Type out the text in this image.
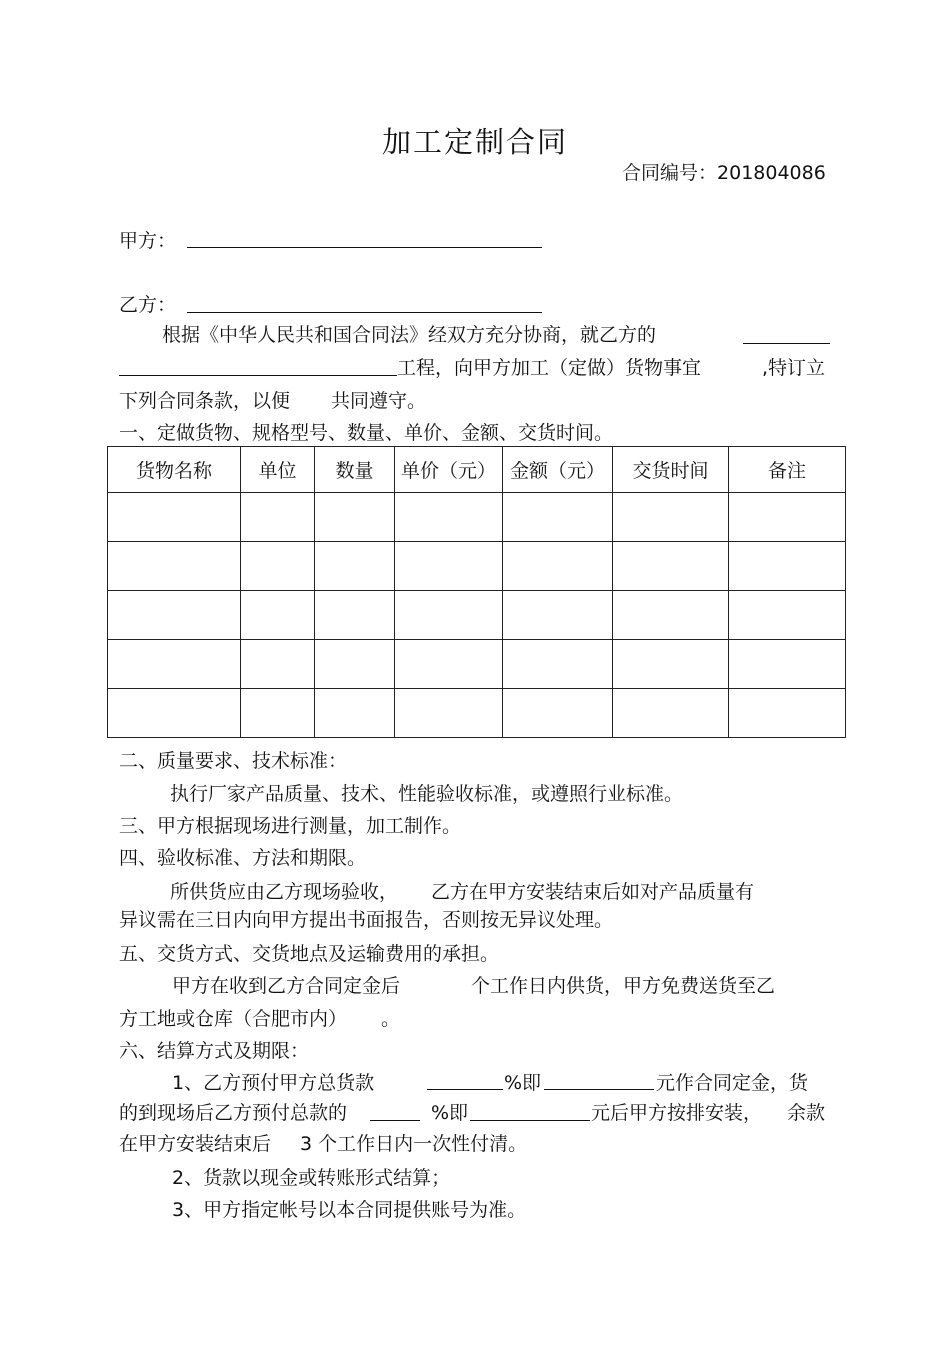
加工定制合同
合同编号：201804086
甲方：
乙方：
根据《中华人民共和国合同法》经双方充分协商，就乙方的
工程，向甲方加工（定做）货物事宜	,特订立
下列合同条款，以便 共同遵守。
一、定做货物、规格型号、数量、单价、金额、交货时间。
货物名称	单位	数量	单价（元）	金额（元）	交货时间	备注

二、质量要求、技术标准：
执行厂家产品质量、技术、性能验收标准，或遵照行业标准。
三、甲方根据现场进行测量，加工制作。
四、验收标准、方法和期限。
所供货应由乙方现场验收， 乙方在甲方安装结束后如对产品质量有
异议需在三日内向甲方提出书面报告，否则按无异议处理。
五、交货方式、交货地点及运输费用的承担。
甲方在收到乙方合同定金后	个工作日内供货，甲方免费送货至乙
方工地或仓库（合肥市内） 。
六、结算方式及期限：
1、乙方预付甲方总货款	%即	元作合同定金，货
的到现场后乙方预付总款的	%即	元后甲方按排安装， 余款
在甲方安装结束后 3 个工作日内一次性付清。
2、货款以现金或转账形式结算；
3、甲方指定帐号以本合同提供账号为准。
